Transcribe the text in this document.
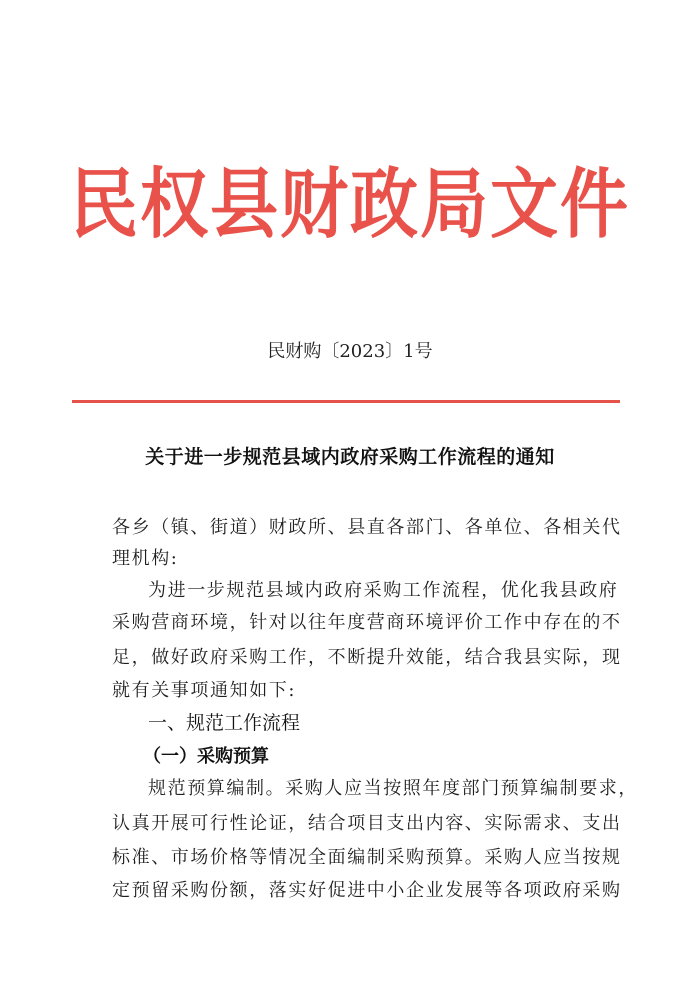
民权县财政局文件
民财购〔2023〕1号
关于进一步规范县域内政府采购工作流程的通知
各乡（镇、街道）财政所、县直各部门、各单位、各相关代
理机构:
为进一步规范县域内政府采购工作流程，优化我县政府
采购营商环境，针对以往年度营商环境评价工作中存在的不
足，做好政府采购工作，不断提升效能，结合我县实际，现
就有关事项通知如下:
一、规范工作流程
（一）采购预算
规范预算编制。采购人应当按照年度部门预算编制要求，
认真开展可行性论证，结合项目支出内容、实际需求、支出
标准、市场价格等情况全面编制采购预算。采购人应当按规
定预留采购份额，落实好促进中小企业发展等各项政府采购
